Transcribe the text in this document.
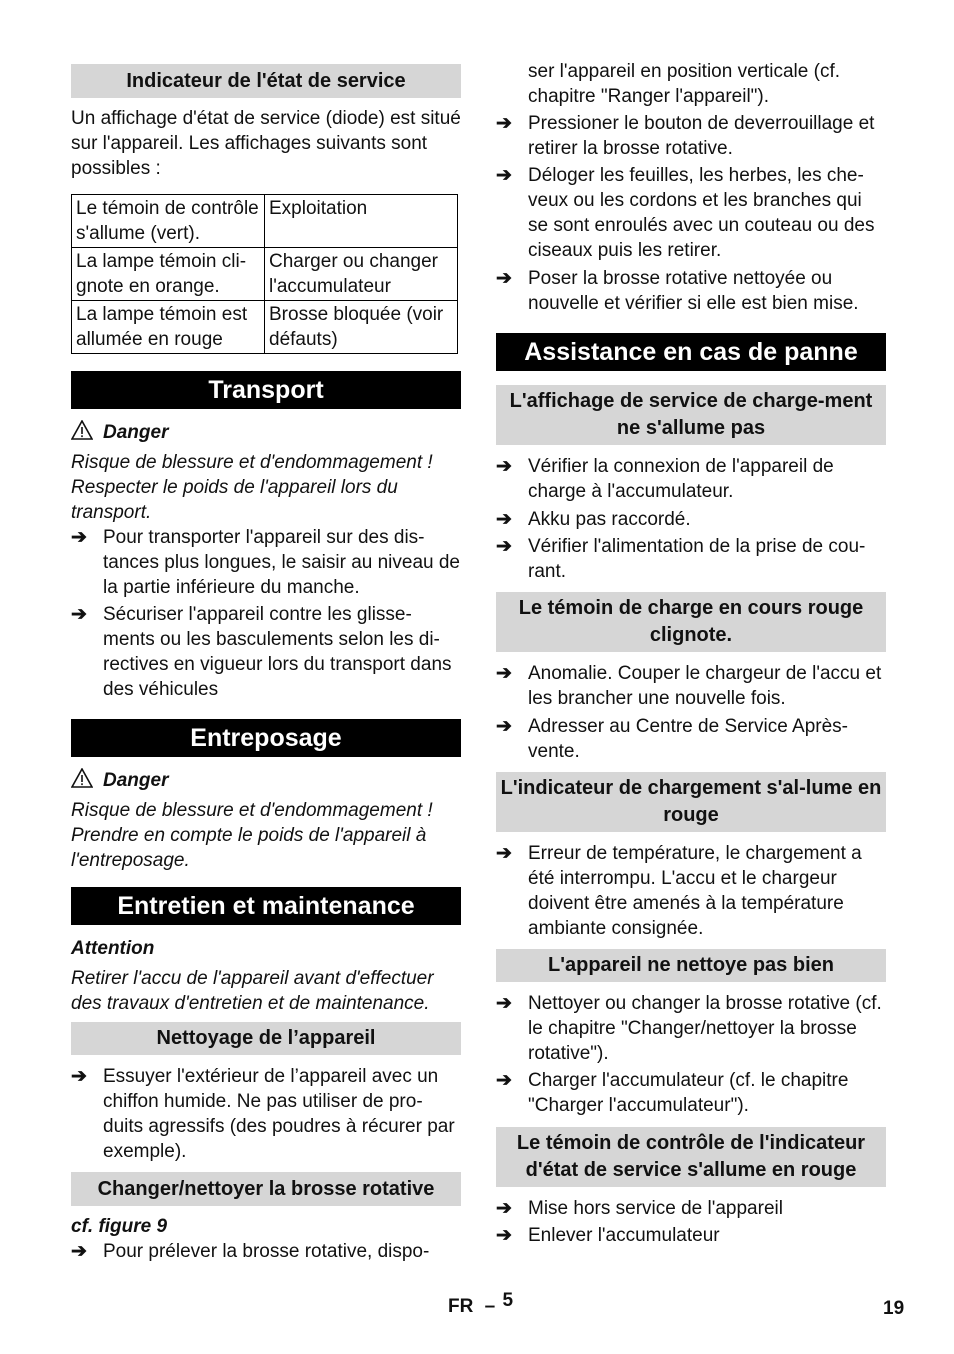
Indicateur de l'état de service

Un affichage d'état de service (diode) est situé sur l'appareil. Les affichages suivants sont possibles :

Le témoin de contrôle s'allume (vert).	Exploitation
La lampe témoin cli-gnote en orange.	Charger ou changer l'accumulateur
La lampe témoin est allumée en rouge	Brosse bloquée (voir défauts)
Transport
Danger

Risque de blessure et d'endommagement ! Respecter le poids de l'appareil lors du transport.

➔ Pour transporter l'appareil sur des dis-tances plus longues, le saisir au niveau de la partie inférieure du manche.
➔ Sécuriser l'appareil contre les glisse-ments ou les basculements selon les di-rectives en vigueur lors du transport dans des véhicules
Entreposage
Danger

Risque de blessure et d'endommagement ! Prendre en compte le poids de l'appareil à l'entreposage.

Entretien et maintenance
Attention

Retirer l'accu de l'appareil avant d'effectuer des travaux d'entretien et de maintenance.

Nettoyage de l’appareil
➔ Essuyer l'extérieur de l’appareil avec un chiffon humide. Ne pas utiliser de pro-duits agressifs (des poudres à récurer par exemple).
Changer/nettoyer la brosse rotative
cf. figure 9
➔ Pour prélever la brosse rotative, dispo-
ser l'appareil en position verticale (cf. chapitre "Ranger l'appareil").
➔ Pressioner le bouton de deverrouillage et retirer la brosse rotative.
➔ Déloger les feuilles, les herbes, les che-veux ou les cordons et les branches qui se sont enroulés avec un couteau ou des ciseaux puis les retirer.
➔ Poser la brosse rotative nettoyée ou nouvelle et vérifier si elle est bien mise.
Assistance en cas de panne
L'affichage de service de charge-ment ne s'allume pas
➔ Vérifier la connexion de l'appareil de charge à l'accumulateur.
➔ Akku pas raccordé.
➔ Vérifier l'alimentation de la prise de cou-rant.
Le témoin de charge en cours rouge clignote.
➔ Anomalie. Couper le chargeur de l'accu et les brancher une nouvelle fois.
➔ Adresser au Centre de Service Après-vente.
L'indicateur de chargement s'al-lume en rouge
➔ Erreur de température, le chargement a été interrompu. L'accu et le chargeur doivent être amenés à la température ambiante consignée.
L'appareil ne nettoye pas bien
➔ Nettoyer ou changer la brosse rotative (cf. le chapitre "Changer/nettoyer la brosse rotative").
➔ Charger l'accumulateur (cf. le chapitre "Charger l'accumulateur").
Le témoin de contrôle de l'indicateur d'état de service s'allume en rouge
➔ Mise hors service de l'appareil
➔ Enlever l'accumulateur
FR – 5	19
